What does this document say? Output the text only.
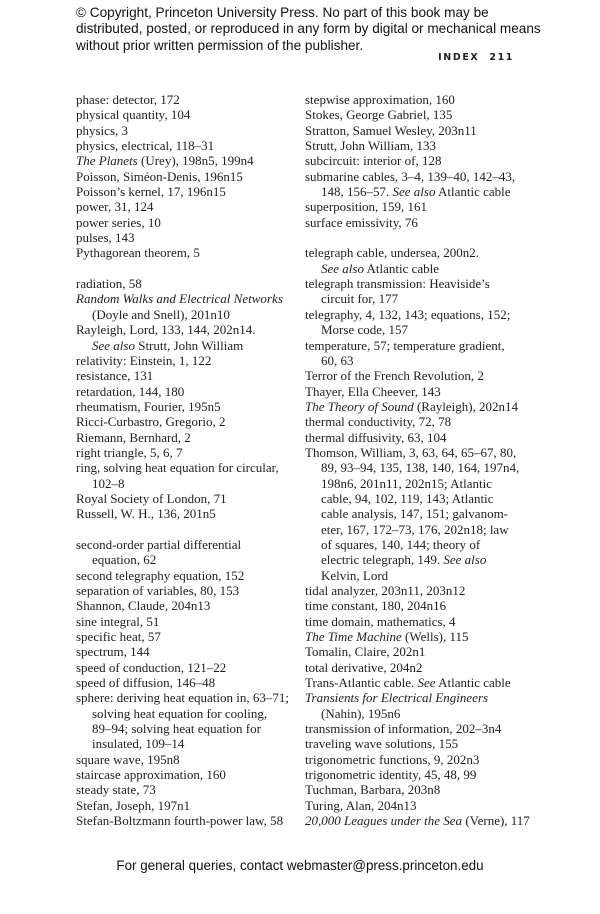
© Copyright, Princeton University Press. No part of this book may be distributed, posted, or reproduced in any form by digital or mechanical means without prior written permission of the publisher.
INDEX 211
phase: detector, 172
physical quantity, 104
physics, 3
physics, electrical, 118–31
The Planets (Urey), 198n5, 199n4
Poisson, Siméon-Denis, 196n15
Poisson’s kernel, 17, 196n15
power, 31, 124
power series, 10
pulses, 143
Pythagorean theorem, 5
radiation, 58
Random Walks and Electrical Networks
(Doyle and Snell), 201n10
Rayleigh, Lord, 133, 144, 202n14.
See also Strutt, John William
relativity: Einstein, 1, 122
resistance, 131
retardation, 144, 180
rheumatism, Fourier, 195n5
Ricci-Curbastro, Gregorio, 2
Riemann, Bernhard, 2
right triangle, 5, 6, 7
ring, solving heat equation for circular,
102–8
Royal Society of London, 71
Russell, W. H., 136, 201n5
second-order partial differential
equation, 62
second telegraphy equation, 152
separation of variables, 80, 153
Shannon, Claude, 204n13
sine integral, 51
specific heat, 57
spectrum, 144
speed of conduction, 121–22
speed of diffusion, 146–48
sphere: deriving heat equation in, 63–71;
solving heat equation for cooling,
89–94; solving heat equation for
insulated, 109–14
square wave, 195n8
staircase approximation, 160
steady state, 73
Stefan, Joseph, 197n1
Stefan-Boltzmann fourth-power law, 58
stepwise approximation, 160
Stokes, George Gabriel, 135
Stratton, Samuel Wesley, 203n11
Strutt, John William, 133
subcircuit: interior of, 128
submarine cables, 3–4, 139–40, 142–43,
148, 156–57. See also Atlantic cable
superposition, 159, 161
surface emissivity, 76
telegraph cable, undersea, 200n2.
See also Atlantic cable
telegraph transmission: Heaviside’s
circuit for, 177
telegraphy, 4, 132, 143; equations, 152;
Morse code, 157
temperature, 57; temperature gradient,
60, 63
Terror of the French Revolution, 2
Thayer, Ella Cheever, 143
The Theory of Sound (Rayleigh), 202n14
thermal conductivity, 72, 78
thermal diffusivity, 63, 104
Thomson, William, 3, 63, 64, 65–67, 80,
89, 93–94, 135, 138, 140, 164, 197n4,
198n6, 201n11, 202n15; Atlantic
cable, 94, 102, 119, 143; Atlantic
cable analysis, 147, 151; galvanom-
eter, 167, 172–73, 176, 202n18; law
of squares, 140, 144; theory of
electric telegraph, 149. See also
Kelvin, Lord
tidal analyzer, 203n11, 203n12
time constant, 180, 204n16
time domain, mathematics, 4
The Time Machine (Wells), 115
Tomalin, Claire, 202n1
total derivative, 204n2
Trans-Atlantic cable. See Atlantic cable
Transients for Electrical Engineers
(Nahin), 195n6
transmission of information, 202–3n4
traveling wave solutions, 155
trigonometric functions, 9, 202n3
trigonometric identity, 45, 48, 99
Tuchman, Barbara, 203n8
Turing, Alan, 204n13
20,000 Leagues under the Sea (Verne), 117
For general queries, contact webmaster@press.princeton.edu
